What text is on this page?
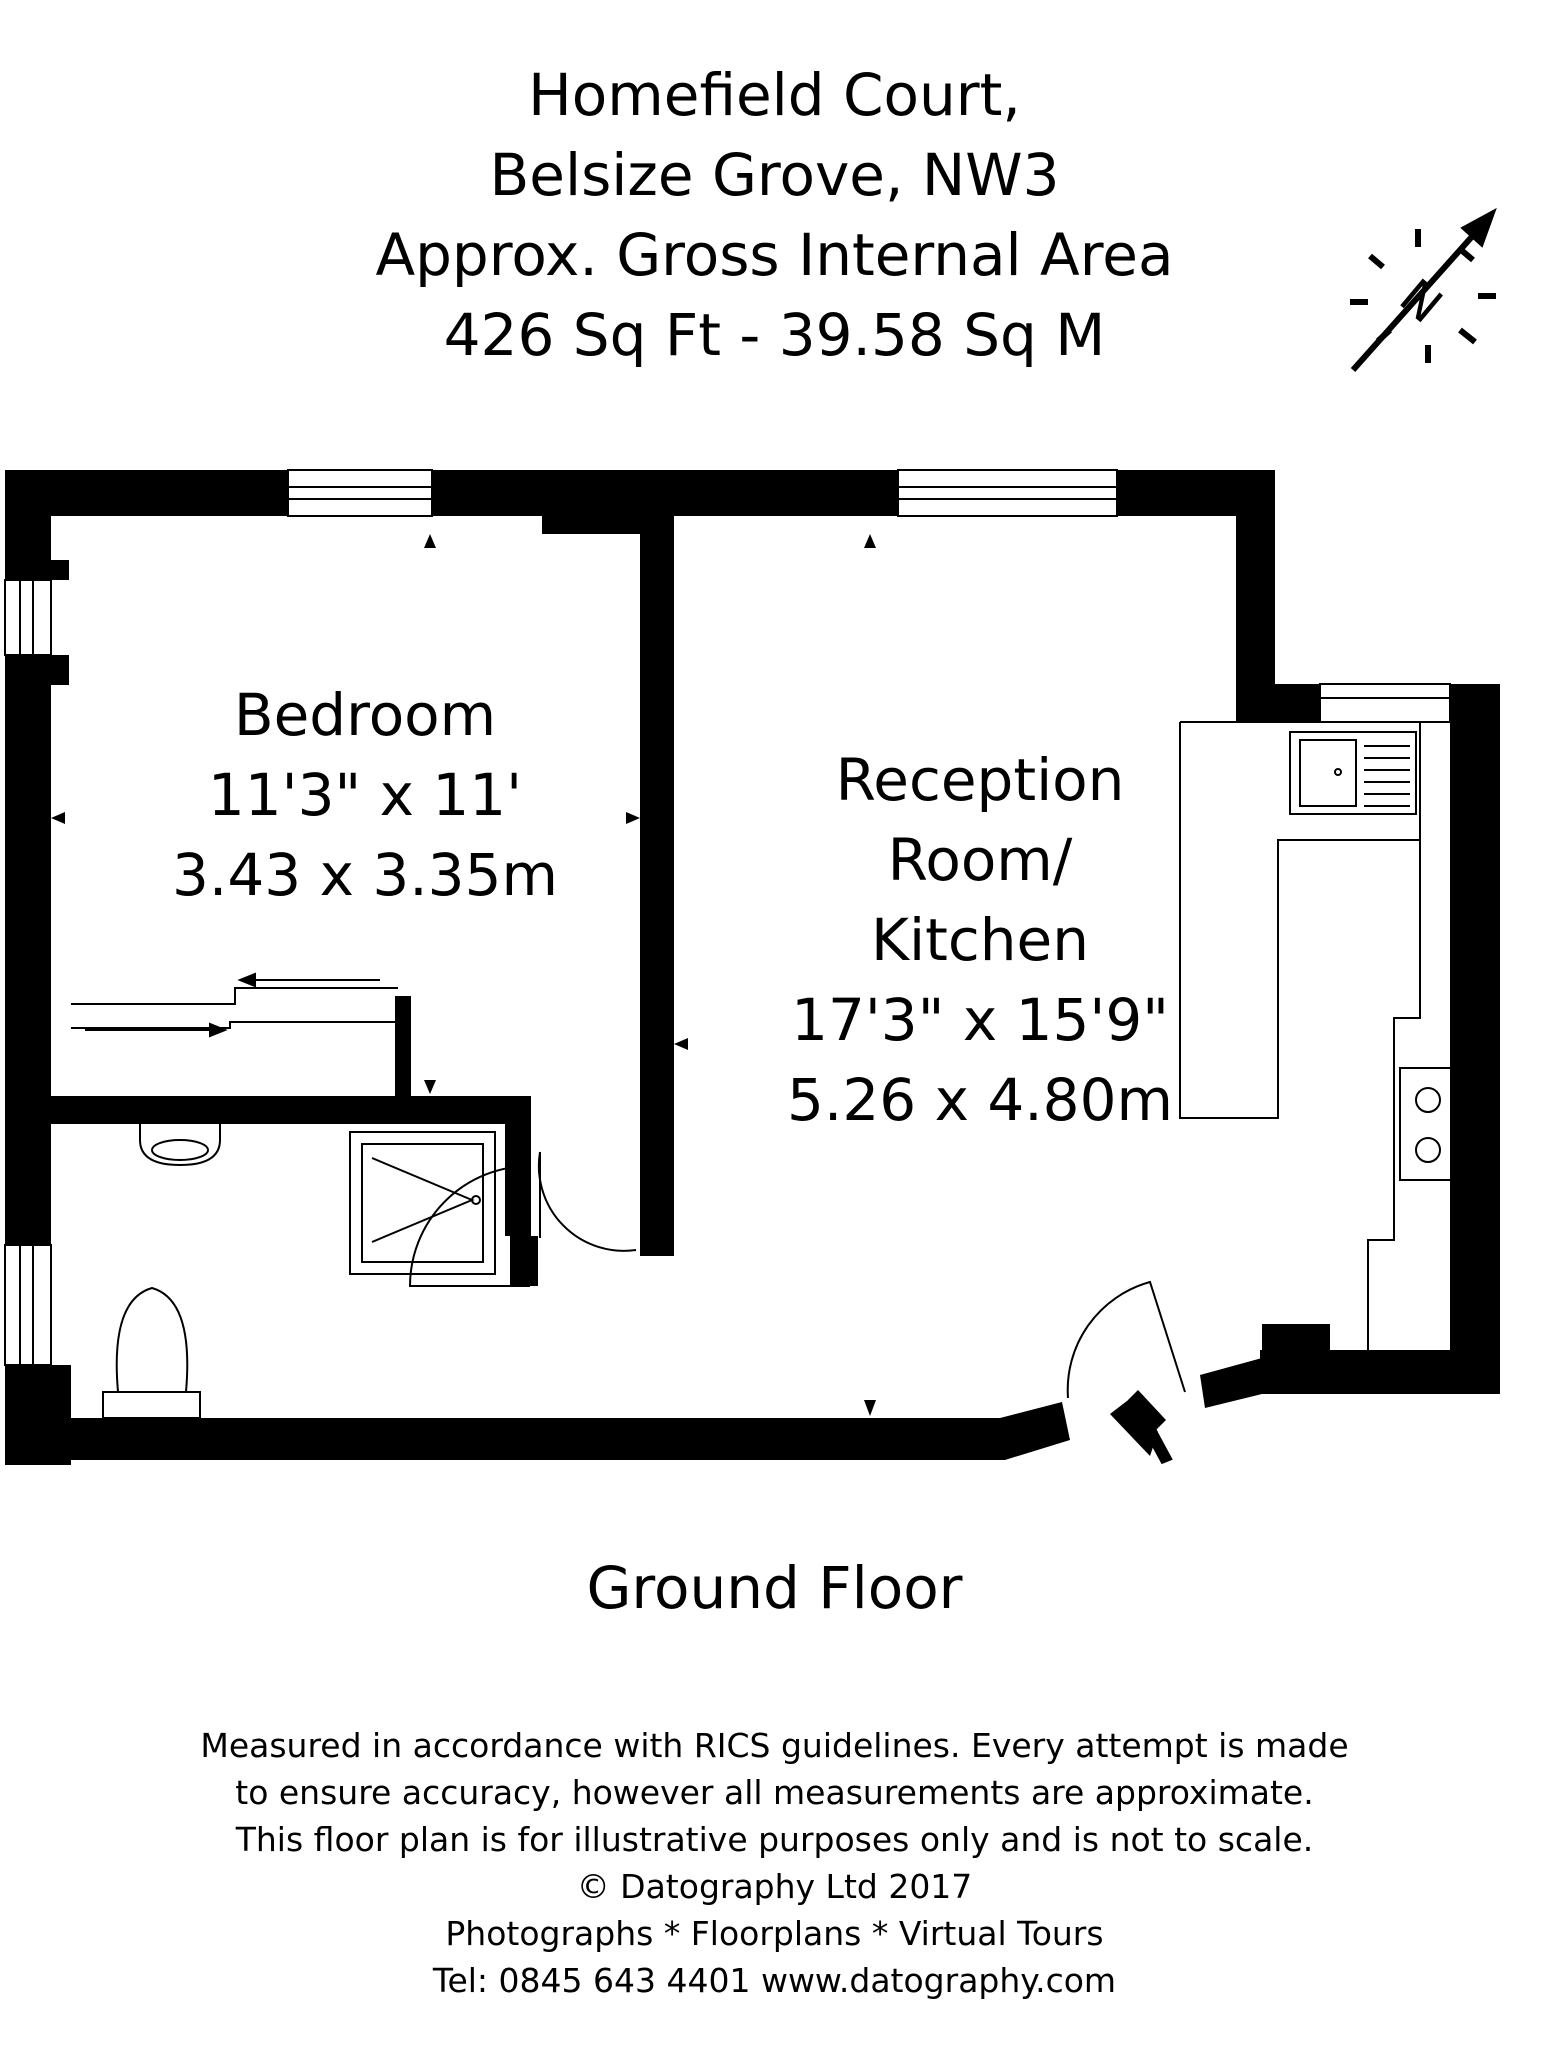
Homefield Court,
Belsize Grove, NW3
Approx. Gross Internal Area
426 Sq Ft - 39.58 Sq M	N
Bedroom
11'3" x 11'
3.43 x 3.35m
Reception
Room/
Kitchen
17'3" x 15'9"
5.26 x 4.80m
Ground Floor
Measured in accordance with RICS guidelines. Every attempt is made
to ensure accuracy, however all measurements are approximate.
This floor plan is for illustrative purposes only and is not to scale.
© Datography Ltd 2017
Photographs * Floorplans * Virtual Tours
Tel: 0845 643 4401 www.datography.com
